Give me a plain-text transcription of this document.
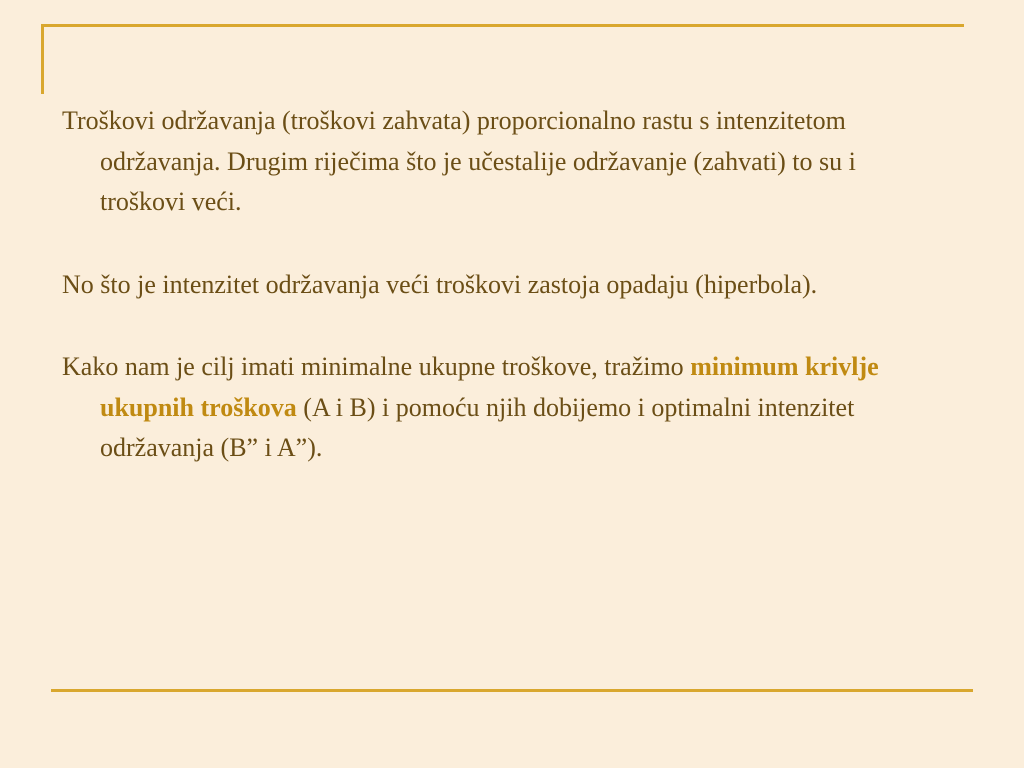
Troškovi održavanja (troškovi zahvata) proporcionalno rastu s intenzitetom održavanja. Drugim riječima što je učestalije održavanje (zahvati) to su i troškovi veći.

No što je intenzitet održavanja veći troškovi zastoja opadaju (hiperbola).

Kako nam je cilj imati minimalne ukupne troškove, tražimo minimum krivlje ukupnih troškova (A i B) i pomoću njih dobijemo i optimalni intenzitet održavanja (B” i A”).
